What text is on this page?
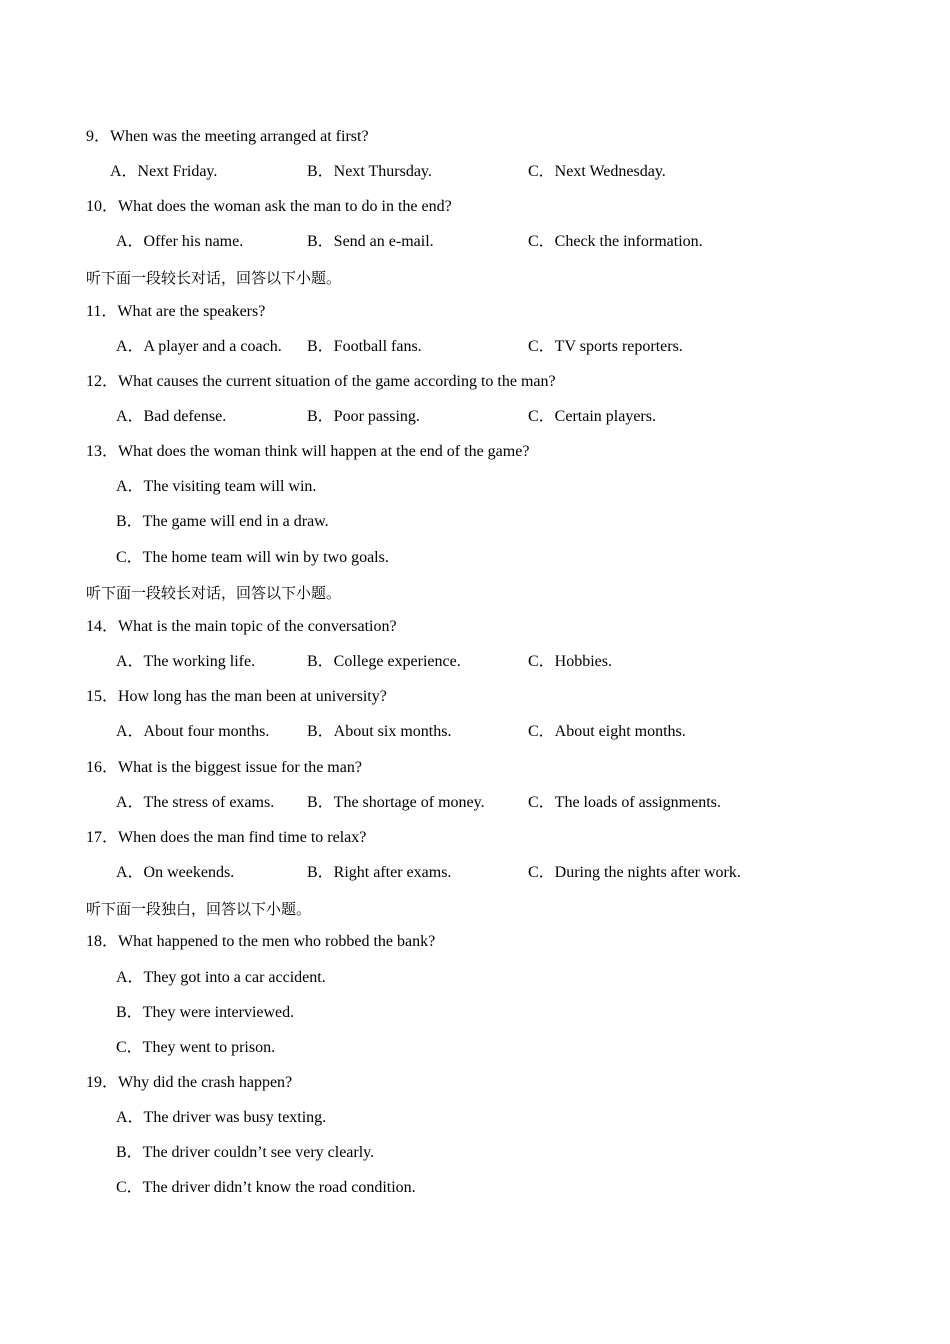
9．When was the meeting arranged at first?
A．Next Friday.	B．Next Thursday.	C．Next Wednesday.
10．What does the woman ask the man to do in the end?
A．Offer his name.	B．Send an e-mail.	C．Check the information.
听下面一段较长对话，回答以下小题。
11．What are the speakers?
A．A player and a coach. B．Football fans.	C．TV sports reporters.
12．What causes the current situation of the game according to the man?
A．Bad defense.	B．Poor passing.	C．Certain players.
13．What does the woman think will happen at the end of the game?
A．The visiting team will win.
B．The game will end in a draw.
C．The home team will win by two goals.
听下面一段较长对话，回答以下小题。
14．What is the main topic of the conversation?
A．The working life.	B．College experience.	C．Hobbies.
15．How long has the man been at university?
A．About four months. B．About six months.	C．About eight months.
16．What is the biggest issue for the man?
A．The stress of exams. B．The shortage of money.	C．The loads of assignments.
17．When does the man find time to relax?
A．On weekends.	B．Right after exams.	C．During the nights after work.
听下面一段独白，回答以下小题。
18．What happened to the men who robbed the bank?
A．They got into a car accident.
B．They were interviewed.
C．They went to prison.
19．Why did the crash happen?
A．The driver was busy texting.
B．The driver couldn’t see very clearly.
C．The driver didn’t know the road condition.
